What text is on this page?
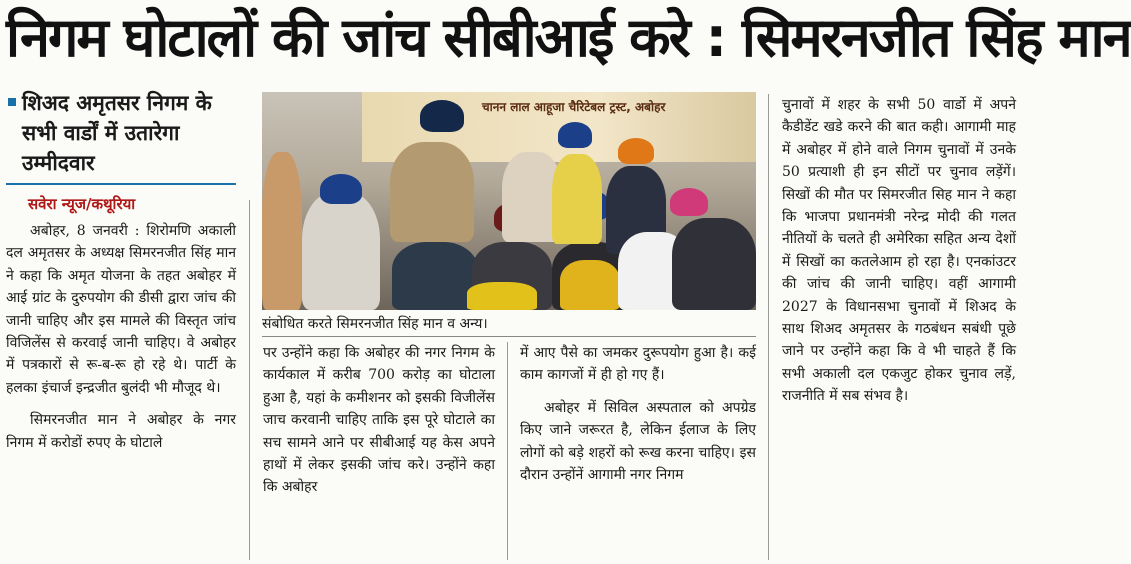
निगम घोटालों की जांच सीबीआई करे : सिमरनजीत सिंह मान

शिअद अमृतसर निगम के सभी वार्डों में उतारेगा उम्मीदवार

सवेरा न्यूज/कथूरिया

अबोहर, 8 जनवरी : शिरोमणि अकाली दल अमृतसर के अध्यक्ष सिमरनजीत सिंह मान ने कहा कि अमृत योजना के तहत अबोहर में आई ग्रांट के दुरुपयोग की डीसी द्वारा जांच की जानी चाहिए और इस मामले की विस्तृत जांच विजिलेंस से करवाई जानी चाहिए। वे अबोहर में पत्रकारों से रू-ब-रू हो रहे थे। पार्टी के हलका इंचार्ज इन्द्रजीत बुलंदी भी मौजूद थे।

सिमरनजीत मान ने अबोहर के नगर निगम में करोडों रुपए के घोटाले

चानन लाल आहूजा चैरिटेबल ट्रस्ट, अबोहर
संबोधित करते सिमरनजीत सिंह मान व अन्य।

पर उन्होंने कहा कि अबोहर की नगर निगम के कार्यकाल में करीब 700 करोड़ का घोटाला हुआ है, यहां के कमीशनर को इसकी विजीलेंस जाच करवानी चाहिए ताकि इस पूरे घोटाले का सच सामने आने पर सीबीआई यह केस अपने हाथों में लेकर इसकी जांच करे। उन्होंने कहा कि अबोहर

में आए पैसे का जमकर दुरूपयोग हुआ है। कई काम कागजों में ही हो गए हैं।

अबोहर में सिविल अस्पताल को अपग्रेड किए जाने जरूरत है, लेकिन ईलाज के लिए लोगों को बड़े शहरों को रूख करना चाहिए। इस दौरान उन्होंनें आगामी नगर निगम

चुनावों में शहर के सभी 50 वार्डो में अपने कैडीडेंट खडे करने की बात कही। आगामी माह में अबोहर में होने वाले निगम चुनावों में उनके 50 प्रत्याशी ही इन सीटों पर चुनाव लड़ेंगें। सिखों की मौत पर सिमरजीत सिह मान ने कहा कि भाजपा प्रधानमंत्री नरेन्द्र मोदी की गलत नीतियों के चलते ही अमेरिका सहित अन्य देशों में सिखों का कतलेआम हो रहा है। एनकांउटर की जांच की जानी चाहिए। वहीं आगामी 2027 के विधानसभा चुनावों में शिअद के साथ शिअद अमृतसर के गठबंधन सबंधी पूछे जाने पर उन्होंने कहा कि वे भी चाहते हैं कि सभी अकाली दल एकजुट होकर चुनाव लड़ें, राजनीति में सब संभव है।
